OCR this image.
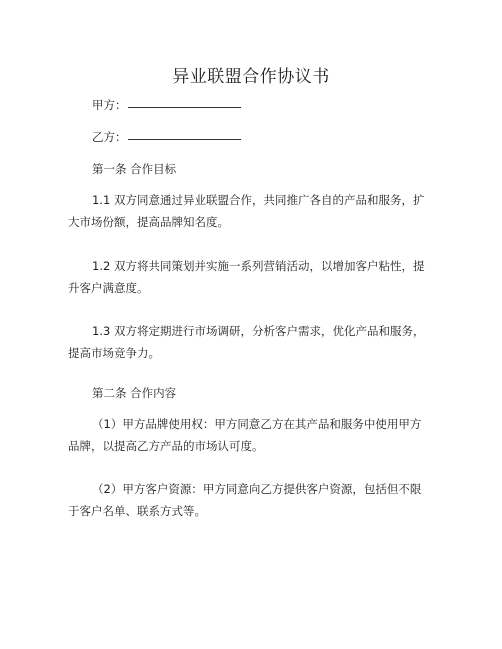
异业联盟合作协议书
甲方：
乙方：
第一条 合作目标
1.1 双方同意通过异业联盟合作，共同推广各自的产品和服务，扩
大市场份额，提高品牌知名度。
1.2 双方将共同策划并实施一系列营销活动，以增加客户粘性，提
升客户满意度。
1.3 双方将定期进行市场调研，分析客户需求，优化产品和服务，
提高市场竞争力。
第二条 合作内容
（1）甲方品牌使用权：甲方同意乙方在其产品和服务中使用甲方
品牌，以提高乙方产品的市场认可度。
（2）甲方客户资源：甲方同意向乙方提供客户资源，包括但不限
于客户名单、联系方式等。
